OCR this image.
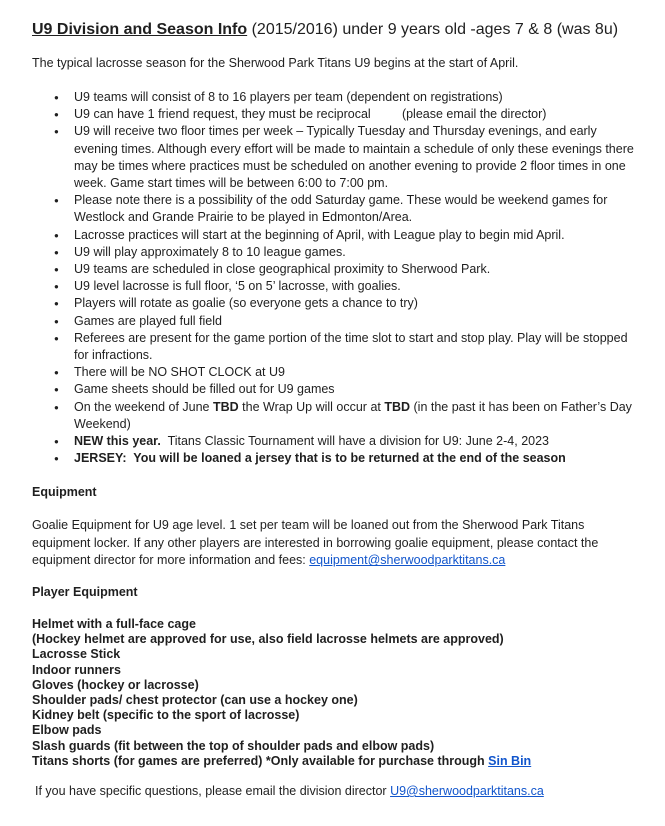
U9 Division and Season Info (2015/2016) under 9 years old -ages 7 & 8 (was 8u)

The typical lacrosse season for the Sherwood Park Titans U9 begins at the start of April.

● U9 teams will consist of 8 to 16 players per team (dependent on registrations)
● U9 can have 1 friend request, they must be reciprocal         (please email the director)
● U9 will receive two floor times per week – Typically Tuesday and Thursday evenings, and early evening times. Although every effort will be made to maintain a schedule of only these evenings there may be times where practices must be scheduled on another evening to provide 2 floor times in one week. Game start times will be between 6:00 to 7:00 pm.
● Please note there is a possibility of the odd Saturday game. These would be weekend games for Westlock and Grande Prairie to be played in Edmonton/Area.
● Lacrosse practices will start at the beginning of April, with League play to begin mid April.
● U9 will play approximately 8 to 10 league games.
● U9 teams are scheduled in close geographical proximity to Sherwood Park.
● U9 level lacrosse is full floor, ‘5 on 5’ lacrosse, with goalies.
● Players will rotate as goalie (so everyone gets a chance to try)
● Games are played full field
● Referees are present for the game portion of the time slot to start and stop play. Play will be stopped for infractions.
● There will be NO SHOT CLOCK at U9
● Game sheets should be filled out for U9 games
● On the weekend of June TBD the Wrap Up will occur at TBD (in the past it has been on Father’s Day Weekend)
● NEW this year.  Titans Classic Tournament will have a division for U9: June 2-4, 2023
● JERSEY:  You will be loaned a jersey that is to be returned at the end of the season
Equipment

Goalie Equipment for U9 age level. 1 set per team will be loaned out from the Sherwood Park Titans equipment locker. If any other players are interested in borrowing goalie equipment, please contact the equipment director for more information and fees: equipment@sherwoodparktitans.ca

Player Equipment
Helmet with a full-face cage
(Hockey helmet are approved for use, also field lacrosse helmets are approved)
Lacrosse Stick
Indoor runners
Gloves (hockey or lacrosse)
Shoulder pads/ chest protector (can use a hockey one)
Kidney belt (specific to the sport of lacrosse)
Elbow pads
Slash guards (fit between the top of shoulder pads and elbow pads)
Titans shorts (for games are preferred) *Only available for purchase through Sin Bin

If you have specific questions, please email the division director U9@sherwoodparktitans.ca
